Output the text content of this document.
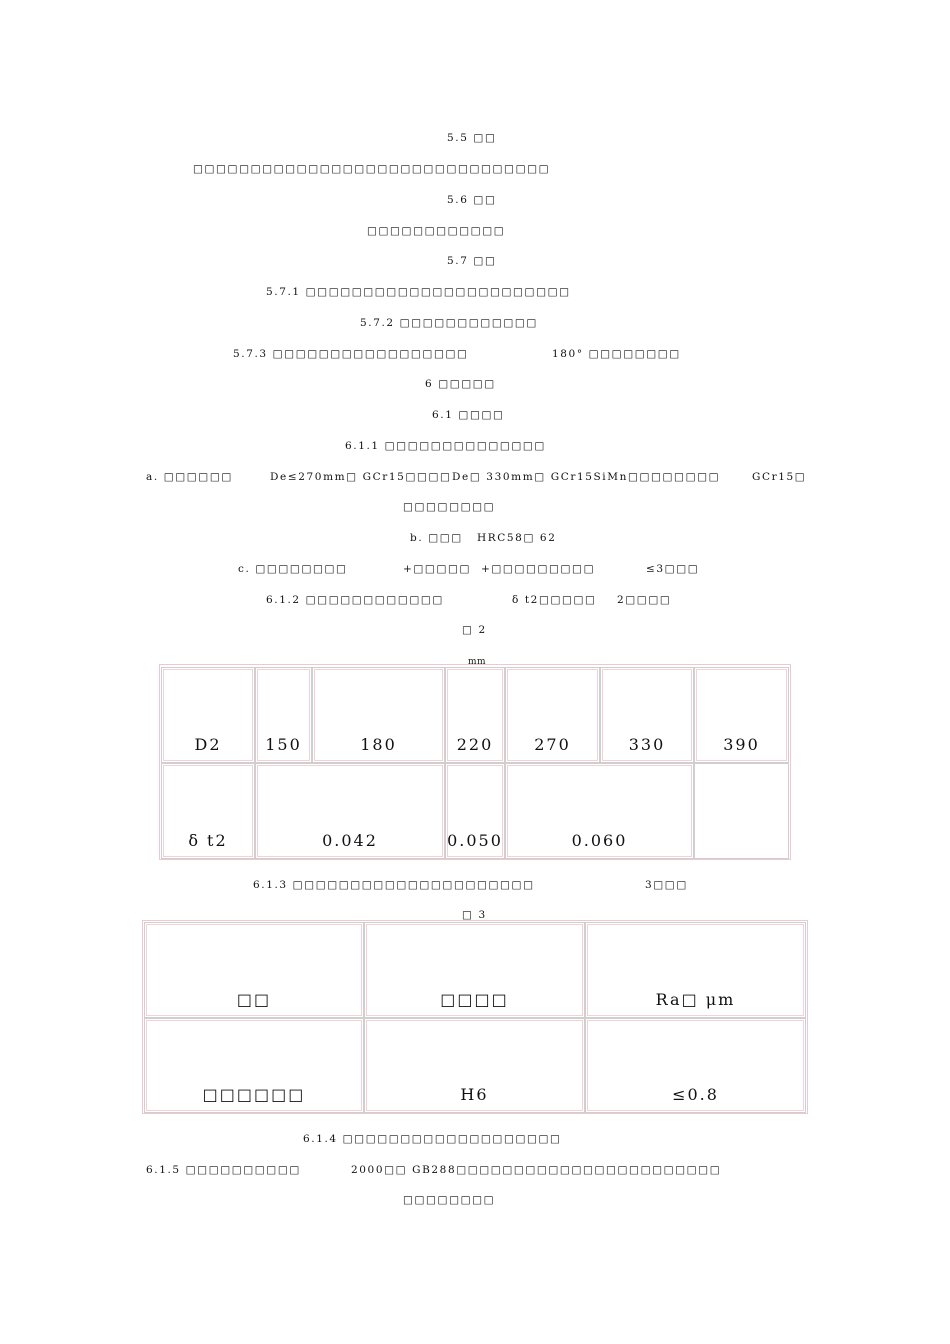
5.5 □□
□□□□□□□□□□□□□□□□□□□□□□□□□□□□□□□
5.6 □□
□□□□□□□□□□□□
5.7 □□
5.7.1 □□□□□□□□□□□□□□□□□□□□□□□
5.7.2 □□□□□□□□□□□□
5.7.3 □□□□□□□□□□□□□□□□□	180° □□□□□□□□
6 □□□□□
6.1 □□□□
6.1.1 □□□□□□□□□□□□□□
a. □□□□□□	De≤270mm□ GCr15□□□□ De□ 330mm□ GCr15SiMn□□□□□□□□	GCr15□
□□□□□□□□
b. □□□ HRC58□ 62
c. □□□□□□□□	+□□□□□ +□□□□□□□□□	≤3□□□
6.1.2 □□□□□□□□□□□□	δ t2□□□□□ 2□□□□
□ 2
mm
D2	150	180	220	270	330	390
δ t2	0.042	0.050	0.060
6.1.3 □□□□□□□□□□□□□□□□□□□□□	3□□□
□ 3
□□	□□□□	Ra□ μm
□□□□□□	H6	≤0.8
6.1.4 □□□□□□□□□□□□□□□□□□□
6.1.5 □□□□□□□□□□	2000□□ GB288□□□□□□□□□□□□□□□□□□□□□□□
□□□□□□□□
